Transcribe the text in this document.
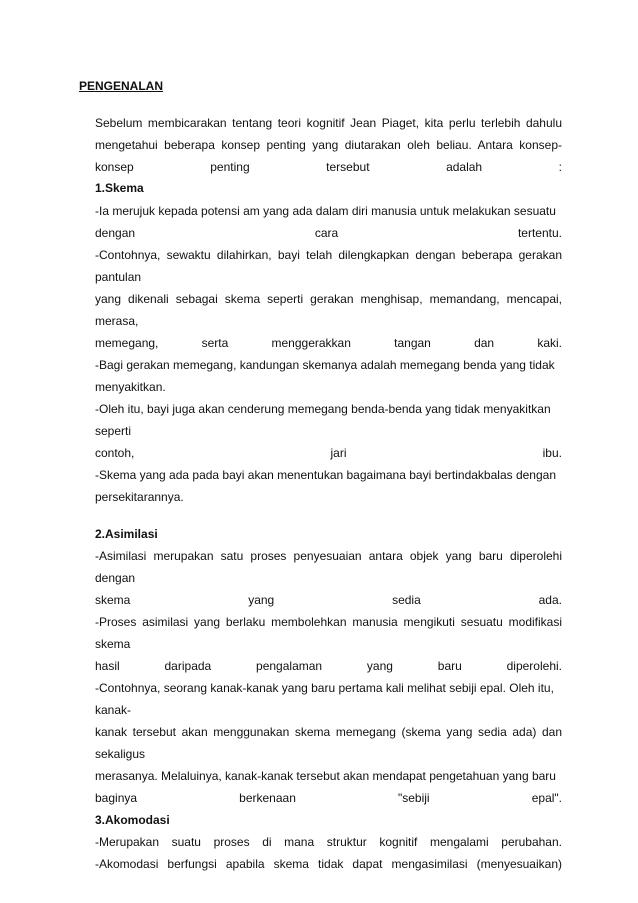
PENGENALAN
Sebelum membicarakan tentang teori kognitif Jean Piaget, kita perlu terlebih dahulu
mengetahui beberapa konsep penting yang diutarakan oleh beliau. Antara konsep-
konsep penting tersebut adalah :
1.Skema
-Ia merujuk kepada potensi am yang ada dalam diri manusia untuk melakukan sesuatu
dengan cara tertentu.
-Contohnya, sewaktu dilahirkan, bayi telah dilengkapkan dengan beberapa gerakan
pantulan
yang dikenali sebagai skema seperti gerakan menghisap, memandang, mencapai,
merasa,
memegang, serta menggerakkan tangan dan kaki.
-Bagi gerakan memegang, kandungan skemanya adalah memegang benda yang tidak
menyakitkan.
-Oleh itu, bayi juga akan cenderung memegang benda-benda yang tidak menyakitkan
seperti
contoh, jari ibu.
-Skema yang ada pada bayi akan menentukan bagaimana bayi bertindakbalas dengan
persekitarannya.
2.Asimilasi
-Asimilasi merupakan satu proses penyesuaian antara objek yang baru diperolehi
dengan
skema yang sedia ada.
-Proses asimilasi yang berlaku membolehkan manusia mengikuti sesuatu modifikasi
skema
hasil daripada pengalaman yang baru diperolehi.
-Contohnya, seorang kanak-kanak yang baru pertama kali melihat sebiji epal. Oleh itu,
kanak-
kanak tersebut akan menggunakan skema memegang (skema yang sedia ada) dan
sekaligus
merasanya. Melaluinya, kanak-kanak tersebut akan mendapat pengetahuan yang baru
baginya berkenaan "sebiji epal".
3.Akomodasi
-Merupakan suatu proses di mana struktur kognitif mengalami perubahan.
-Akomodasi berfungsi apabila skema tidak dapat mengasimilasi (menyesuaikan)
